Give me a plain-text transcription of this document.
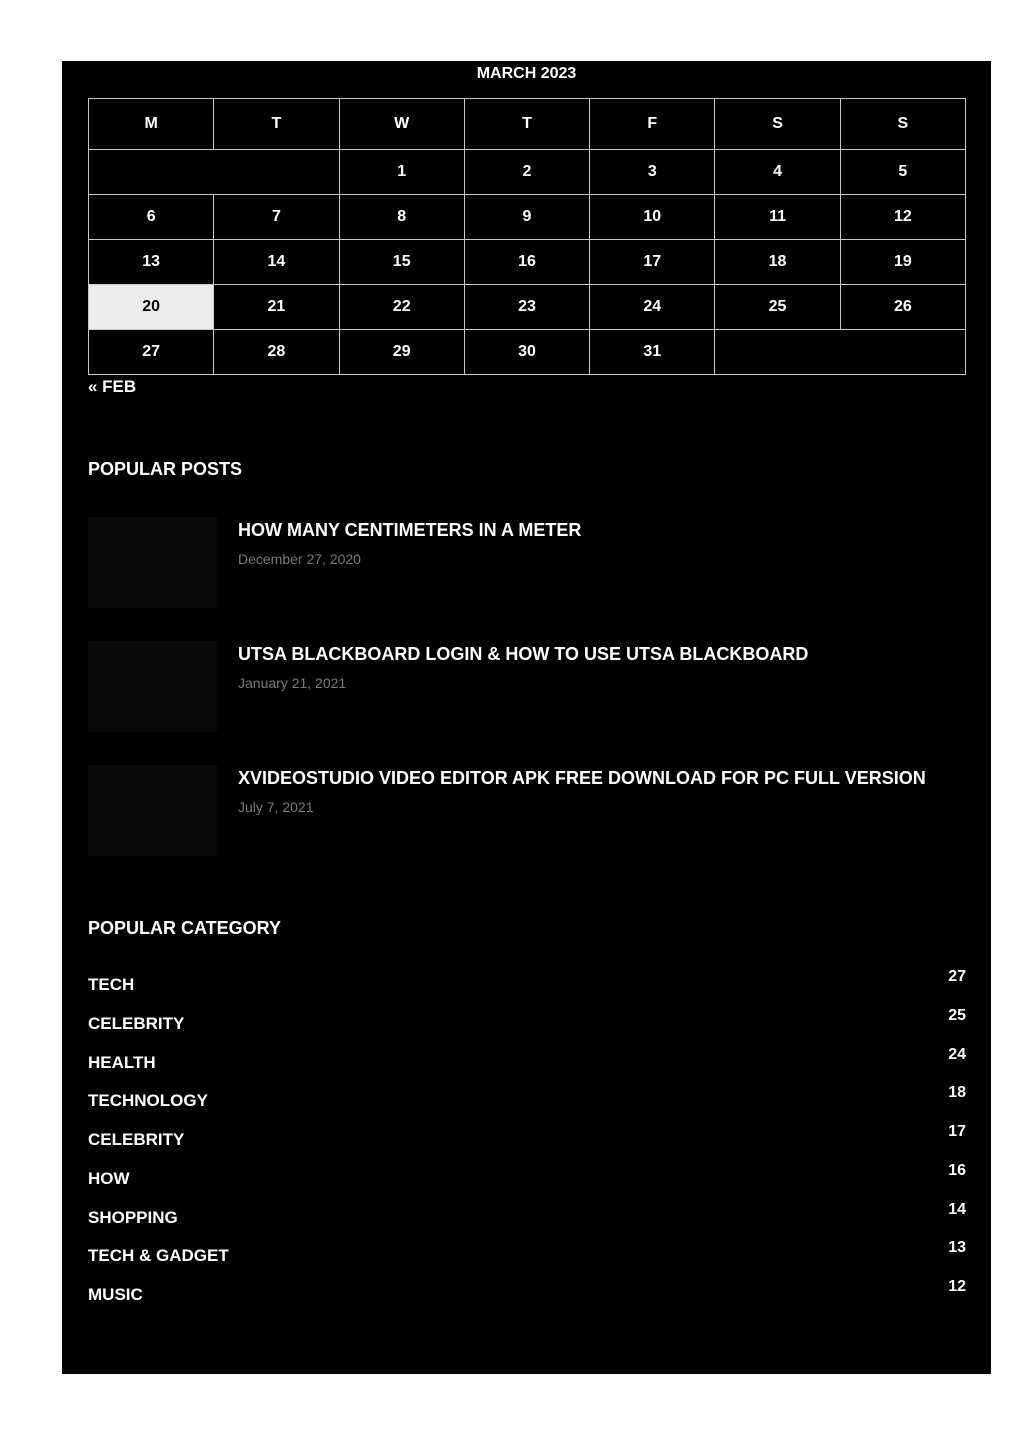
MARCH 2023
M	T	W	T	F	S	S
		1	2	3	4	5
6	7	8	9	10	11	12
13	14	15	16	17	18	19
20	21	22	23	24	25	26
27	28	29	30	31		
« FEB
POPULAR POSTS
HOW MANY CENTIMETERS IN A METER
December 27, 2020
UTSA BLACKBOARD LOGIN & HOW TO USE UTSA BLACKBOARD
January 21, 2021
XVIDEOSTUDIO VIDEO EDITOR APK FREE DOWNLOAD FOR PC FULL VERSION
July 7, 2021
POPULAR CATEGORY
TECH	27
CELEBRITY	25
HEALTH	24
TECHNOLOGY	18
CELEBRITY	17
HOW	16
SHOPPING	14
TECH & GADGET	13
MUSIC	12
